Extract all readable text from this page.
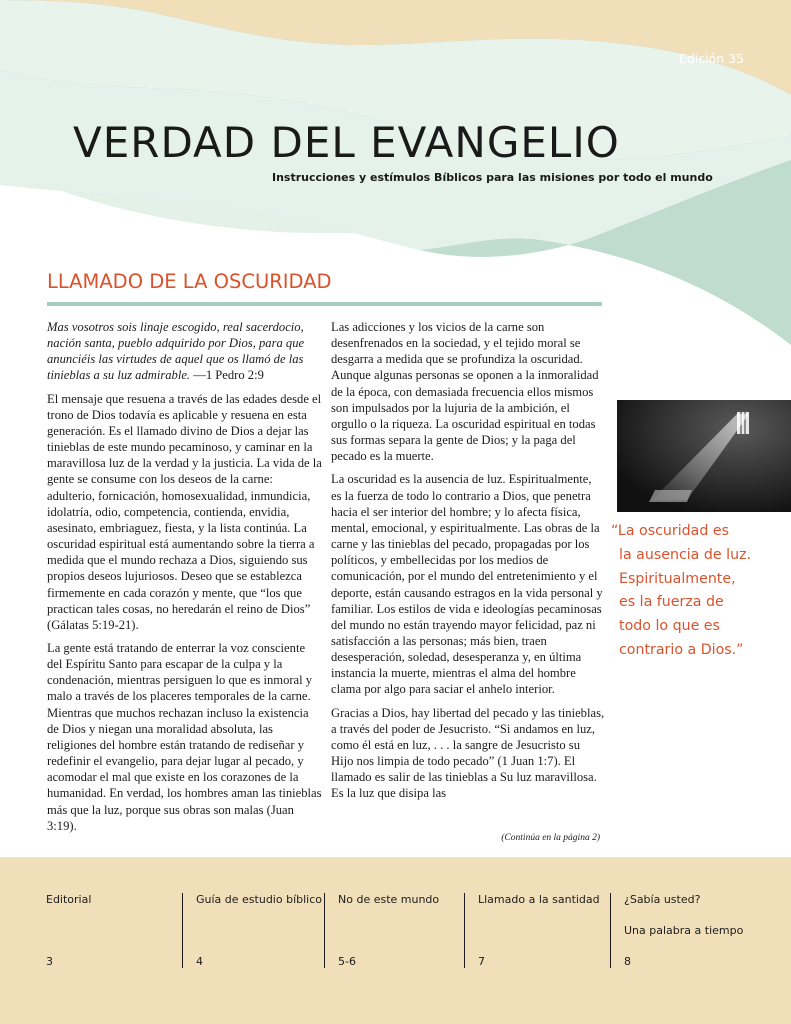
Edición 35
VERDAD DEL EVANGELIO
Instrucciones y estímulos Bíblicos para las misiones por todo el mundo
LLAMADO DE LA OSCURIDAD

Mas vosotros sois linaje escogido, real sacerdocio, nación santa, pueblo adquirido por Dios, para que anunciéis las virtudes de aquel que os llamó de las tinieblas a su luz admirable. —1 Pedro 2:9

El mensaje que resuena a través de las edades desde el trono de Dios todavía es aplicable y resuena en esta generación. Es el llamado divino de Dios a dejar las tinieblas de este mundo pecaminoso, y caminar en la maravillosa luz de la verdad y la justicia. La vida de la gente se consume con los deseos de la carne: adulterio, fornicación, homosexualidad, inmundicia, idolatría, odio, competencia, contienda, envidia, asesinato, embriaguez, fiesta, y la lista continúa. La oscuridad espiritual está aumentando sobre la tierra a medida que el mundo rechaza a Dios, siguiendo sus propios deseos lujuriosos. Deseo que se establezca firmemente en cada corazón y mente, que “los que practican tales cosas, no heredarán el reino de Dios” (Gálatas 5:19-21).

La gente está tratando de enterrar la voz consciente del Espíritu Santo para escapar de la culpa y la condenación, mientras persiguen lo que es inmoral y malo a través de los placeres temporales de la carne. Mientras que muchos rechazan incluso la existencia de Dios y niegan una moralidad absoluta, las religiones del hombre están tratando de rediseñar y redefinir el evangelio, para dejar lugar al pecado, y acomodar el mal que existe en los corazones de la humanidad. En verdad, los hombres aman las tinieblas más que la luz, porque sus obras son malas (Juan 3:19).

Las adicciones y los vicios de la carne son desenfrenados en la sociedad, y el tejido moral se desgarra a medida que se profundiza la oscuridad. Aunque algunas personas se oponen a la inmoralidad de la época, con demasiada frecuencia ellos mismos son impulsados por la lujuria de la ambición, el orgullo o la riqueza. La oscuridad espiritual en todas sus formas separa la gente de Dios; y la paga del pecado es la muerte.

La oscuridad es la ausencia de luz. Espiritualmente, es la fuerza de todo lo contrario a Dios, que penetra hacia el ser interior del hombre; y lo afecta física, mental, emocional, y espiritualmente. Las obras de la carne y las tinieblas del pecado, propagadas por los políticos, y embellecidas por los medios de comunicación, por el mundo del entretenimiento y el deporte, están causando estragos en la vida personal y familiar. Los estilos de vida e ideologías pecaminosas del mundo no están trayendo mayor felicidad, paz ni satisfacción a las personas; más bien, traen desesperación, soledad, desesperanza y, en última instancia la muerte, mientras el alma del hombre clama por algo para saciar el anhelo interior.

Gracias a Dios, hay libertad del pecado y las tinieblas, a través del poder de Jesucristo. “Si andamos en luz, como él está en luz, . . . la sangre de Jesucristo su Hijo nos limpia de todo pecado” (1 Juan 1:7). El llamado es salir de las tinieblas a Su luz maravillosa. Es la luz que disipa las

(Continúa en la página 2)
“La oscuridad es
la ausencia de luz.
Espiritualmente,
es la fuerza de
todo lo que es
contrario a Dios.”
Editorial
3
Guía de estudio bíblico
4
No de este mundo
5-6
Llamado a la santidad
7
¿Sabía usted?
Una palabra a tiempo
8
